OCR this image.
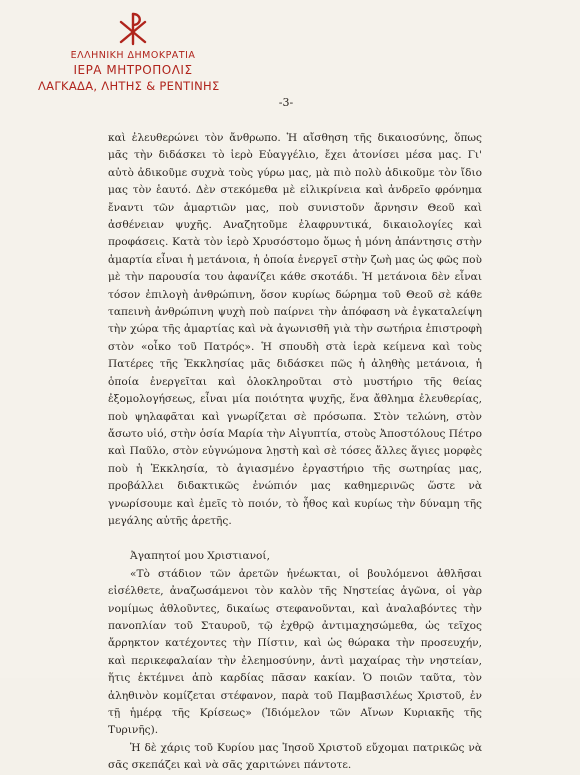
ΕΛΛΗΝΙΚΗ ΔΗΜΟΚΡΑΤΙΑ
ΙΕΡΑ ΜΗΤΡΟΠΟΛΙΣ
ΛΑΓΚΑΔΑ, ΛΗΤΗΣ & ΡΕΝΤΙΝΗΣ
-3-

καὶ ἐλευθερώνει τὸν ἄνθρωπο. Ἡ αἴσθηση τῆς δικαιοσύνης, ὅπως μᾶς τὴν διδάσκει τὸ ἱερὸ Εὐαγγέλιο, ἔχει ἀτονίσει μέσα μας. Γι' αὐτὸ ἀδικοῦμε συχνὰ τοὺς γύρω μας, μὰ πιὸ πολὺ ἀδικοῦμε τὸν ἴδιο μας τὸν ἑαυτό. Δὲν στεκόμεθα μὲ εἰλικρίνεια καὶ ἀνδρεῖο φρόνημα ἔναντι τῶν ἁμαρτιῶν μας, ποὺ συνιστοῦν ἄρνησιν Θεοῦ καὶ ἀσθένειαν ψυχῆς. Αναζητοῦμε ἐλαφρυντικά, δικαιολογίες καὶ προφάσεις. Κατὰ τὸν ἱερὸ Χρυσόστομο ὅμως ἡ μόνη ἀπάντησις στὴν ἁμαρτία εἶναι ἡ μετάνοια, ἡ ὁποία ἐνεργεῖ στὴν ζωὴ μας ὡς φῶς ποὺ μὲ τὴν παρουσία του ἀφανίζει κάθε σκοτάδι. Ἡ μετάνοια δὲν εἶναι τόσον ἐπιλογὴ ἀνθρώπινη, ὅσον κυρίως δώρημα τοῦ Θεοῦ σὲ κάθε ταπεινὴ ἀνθρώπινη ψυχὴ ποὺ παίρνει τὴν ἀπόφαση νὰ ἐγκαταλείψη τὴν χώρα τῆς ἁμαρτίας καὶ νὰ ἀγωνισθῆ γιὰ τὴν σωτήρια ἐπιστροφὴ στὸν «οἶκο τοῦ Πατρός». Ἡ σπουδὴ στὰ ἱερὰ κείμενα καὶ τοὺς Πατέρες τῆς Ἐκκλησίας μᾶς διδάσκει πῶς ἡ ἀληθὴς μετάνοια, ἡ ὁποία ἐνεργεῖται καὶ ὁλοκληροῦται στὸ μυστήριο τῆς θείας ἐξομολογήσεως, εἶναι μία ποιότητα ψυχῆς, ἕνα ἄθλημα ἐλευθερίας, ποὺ ψηλαφᾶται καὶ γνωρίζεται σὲ πρόσωπα. Στὸν τελώνη, στὸν ἄσωτο υἱό, στὴν ὁσία Μαρία τὴν Αἰγυπτία, στοὺς Ἀποστόλους Πέτρο καὶ Παῦλο, στὸν εὐγνώμονα λῃστὴ καὶ σὲ τόσες ἄλλες ἅγιες μορφὲς ποὺ ἡ Ἐκκλησία, τὸ ἁγιασμένο ἐργαστήριο τῆς σωτηρίας μας, προβάλλει διδακτικῶς ἐνώπιόν μας καθημερινῶς ὥστε νὰ γνωρίσουμε καὶ ἐμεῖς τὸ ποιόν, τὸ ἦθος καὶ κυρίως τὴν δύναμη τῆς μεγάλης αὐτῆς ἀρετῆς.

Ἀγαπητοί μου Χριστιανοί,

«Τὸ στάδιον τῶν ἀρετῶν ἠνέωκται, οἱ βουλόμενοι ἀθλῆσαι εἰσέλθετε, ἀναζωσάμενοι τὸν καλὸν τῆς Νηστείας ἀγῶνα, οἱ γὰρ νομίμως ἀθλοῦντες, δικαίως στεφανοῦνται, καὶ ἀναλαβόντες τὴν πανοπλίαν τοῦ Σταυροῦ, τῷ ἐχθρῷ ἀντιμαχησώμεθα, ὡς τεῖχος ἄρρηκτον κατέχοντες τὴν Πίστιν, καὶ ὡς θώρακα τὴν προσευχήν, καὶ περικεφαλαίαν τὴν ἐλεημοσύνην, ἀντὶ μαχαίρας τὴν νηστείαν, ἥτις ἐκτέμνει ἀπὸ καρδίας πᾶσαν κακίαν. Ὁ ποιῶν ταῦτα, τὸν ἀληθινὸν κομίζεται στέφανον, παρὰ τοῦ Παμβασιλέως Χριστοῦ, ἐν τῇ ἡμέρᾳ τῆς Κρίσεως» (Ἰδιόμελον τῶν Αἴνων Κυριακῆς τῆς Τυρινῆς).

Ἡ δὲ χάρις τοῦ Κυρίου μας Ἰησοῦ Χριστοῦ εὔχομαι πατρικῶς νὰ σᾶς σκεπάζει καὶ νὰ σᾶς χαριτώνει πάντοτε.
